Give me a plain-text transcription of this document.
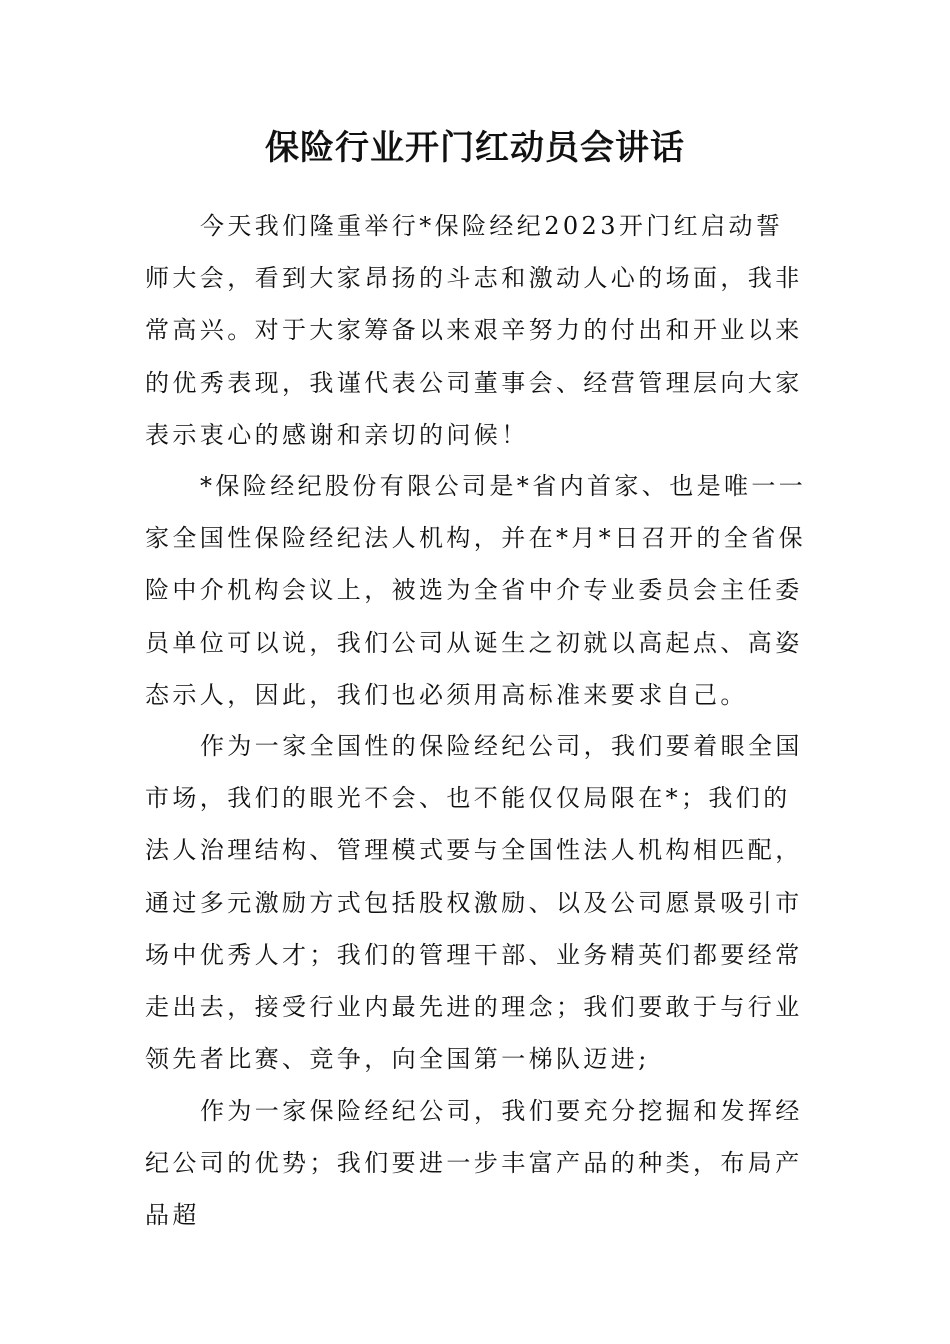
保险行业开门红动员会讲话

今天我们隆重举行*保险经纪2023开门红启动誓师大会，看到大家昂扬的斗志和激动人心的场面，我非常高兴。对于大家筹备以来艰辛努力的付出和开业以来的优秀表现，我谨代表公司董事会、经营管理层向大家表示衷心的感谢和亲切的问候！

*保险经纪股份有限公司是*省内首家、也是唯一一家全国性保险经纪法人机构，并在*月*日召开的全省保险中介机构会议上，被选为全省中介专业委员会主任委员单位可以说，我们公司从诞生之初就以高起点、高姿态示人，因此，我们也必须用高标准来要求自己。

作为一家全国性的保险经纪公司，我们要着眼全国市场，我们的眼光不会、也不能仅仅局限在*；我们的法人治理结构、管理模式要与全国性法人机构相匹配，通过多元激励方式包括股权激励、以及公司愿景吸引市场中优秀人才；我们的管理干部、业务精英们都要经常走出去，接受行业内最先进的理念；我们要敢于与行业领先者比赛、竞争，向全国第一梯队迈进;

作为一家保险经纪公司，我们要充分挖掘和发挥经纪公司的优势；我们要进一步丰富产品的种类，布局产品超
